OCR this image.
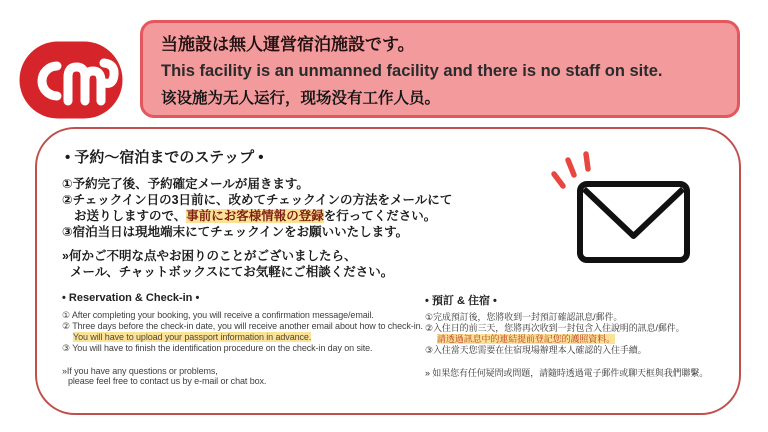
当施設は無人運営宿泊施設です。
This facility is an unmanned facility and there is no staff on site.
该设施为无人运行，现场没有工作人员。
• 予約～宿泊までのステップ •
①予約完了後、予約確定メールが届きます。
②チェックイン日の3日前に、改めてチェックインの方法をメールにて
お送りしますので、事前にお客様情報の登録を行ってください。
③宿泊当日は現地端末にてチェックインをお願いいたします。
»何かご不明な点やお困りのことがございましたら、
メール、チャットボックスにてお気軽にご相談ください。
• Reservation & Check-in •
① After completing your booking, you will receive a confirmation message/email.
② Three days before the check-in date, you will receive another email about how to check-in.
You will have to upload your passport information in advance.
③ You will have to finish the identification procedure on the check-in day on site.
»If you have any questions or problems,
please feel free to contact us by e-mail or chat box.
• 預訂 & 住宿 •
①完成預訂後，您將收到一封預訂確認訊息/郵件。
②入住日的前三天，您將再次收到一封包含入住說明的訊息/郵件。
請透過訊息中的連結提前登記您的護照資料。
③入住當天您需要在住宿現場辦理本人確認的入住手續。
» 如果您有任何疑問或問題，請隨時透過電子郵件或聊天框與我們聯繫。
